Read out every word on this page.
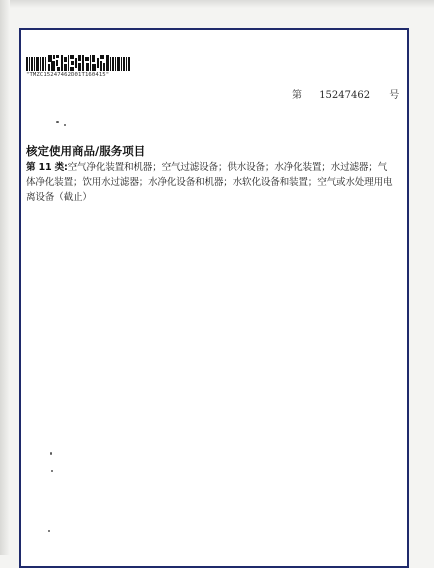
"TMZC15247462D01T160415"
第 15247462 号
核定使用商品/服务项目
第 11 类:空气净化装置和机器；空气过滤设备；供水设备；水净化装置；水过滤器；气体净化装置；饮用水过滤器；水净化设备和机器；水软化设备和装置；空气或水处理用电离设备（截止）
